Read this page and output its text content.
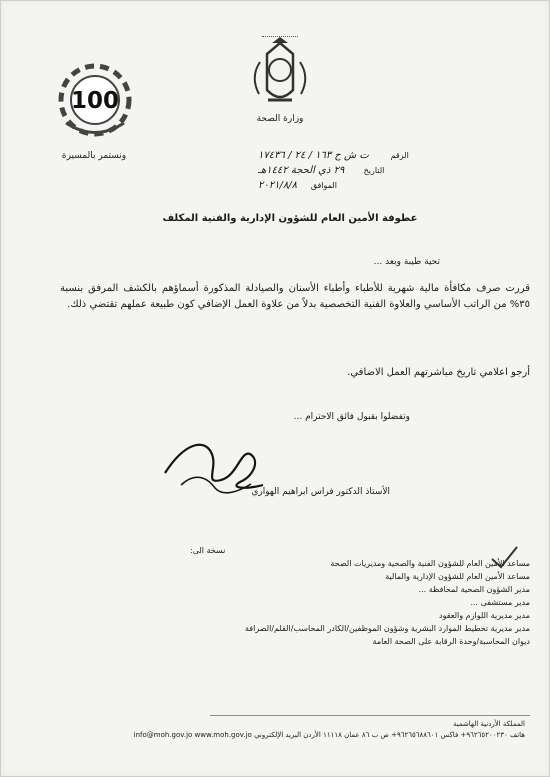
100
ونستمر بالمسيرة
وزارة الصحة
الرقم
ت ش ح ١٦٣ / ٢٤ / ١٧٤٣٦
التاريخ
٢٩ ذي الحجة ١٤٤٢هـ
الموافق
٢٠٢١/٨/٨
عطوفة الأمين العام للشؤون الإدارية والفنية المكلف
تحية طيبة وبعد ...
قررت صرف مكافأة مالية شهرية للأطباء وأطباء الأسنان والصيادلة المذكورة أسماؤهم بالكشف المرفق بنسبة ٣٥% من الراتب الأساسي والعلاوة الفنية التخصصية بدلاً من علاوة العمل الإضافي كون طبيعة عملهم تقتضي ذلك.
أرجو اعلامي تاريخ مباشرتهم العمل الاضافي.
وتفضلوا بقبول فائق الاحترام ...
الأستاذ الدكتور فراس ابراهيم الهواري
نسخة الى:
مساعد الأمين العام للشؤون الفنية والصحية ومديريات الصحة
مساعد الأمين العام للشؤون الإدارية والمالية
مدير الشؤون الصحية لمحافظة ...
مدير مستشفى ...
مدير مديرية اللوازم والعقود
مدير مديرية تخطيط الموارد البشرية وشؤون الموظفين/الكادر المحاسب/القلم/الصرافة
ديوان المحاسبة/وحدة الرقابة على الصحة العامة
المملكة الأردنية الهاشمية
هاتف ٩٦٢٦٥٢٠٠٢٣٠+ فاكس ٩٦٢٦٥٦٨٨٦٠١+ ص ب ٨٦ عمان ١١١١٨ الأردن البريد الإلكتروني info@moh.gov.jo www.moh.gov.jo
